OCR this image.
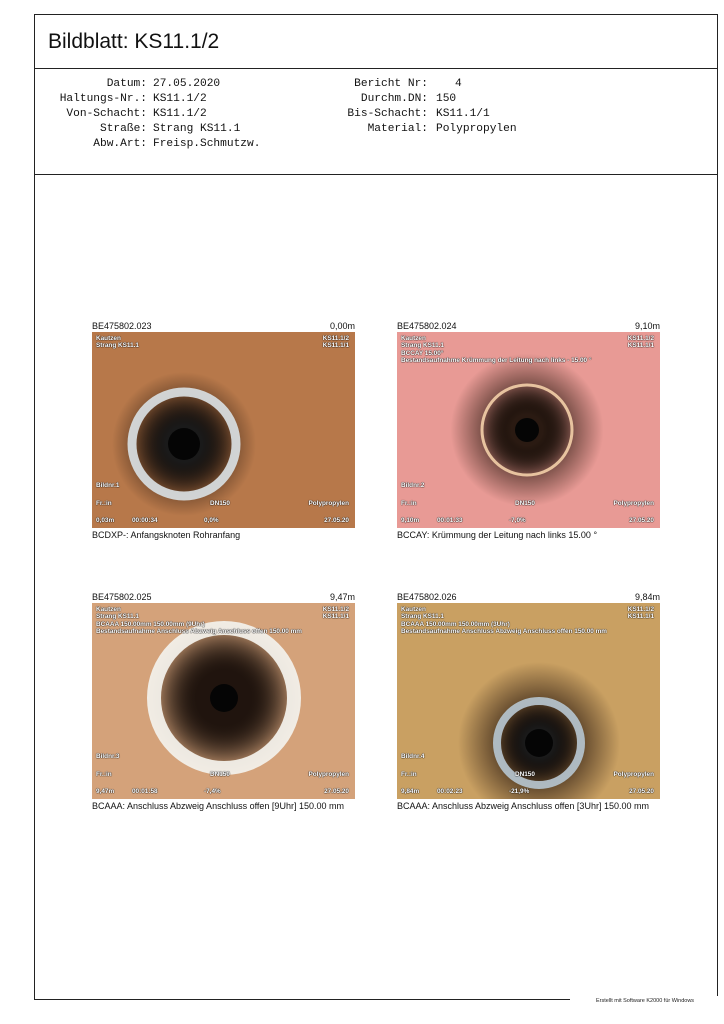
Bildblatt: KS11.1/2
Datum: 27.05.2020
Haltungs-Nr.: KS11.1/2
Von-Schacht: KS11.1/2
Straße: Strang KS11.1
Abw.Art: Freisp.Schmutzw.
Bericht Nr: 4
Durchm.DN: 150
Bis-Schacht: KS11.1/1
Material: Polypropylen
BE475802.023	0,00m
Kautzen
Strang KS11.1
KS11.1/2
KS11.1/1
Bildnr.1
Fr.:in	DN150	Polypropylen
0,03m	00:00:34	0,0%	27.05.20
BCDXP-: Anfangsknoten Rohranfang
BE475802.024	9,10m
Kautzen
Strang KS11.1
BCCAY 15.00°
KS11.1/2
KS11.1/1
Bestandsaufnahme Krümmung der Leitung nach links - 15.00 °
Bildnr.2
Fr.:in	DN150	Polypropylen
9,10m	00:01:33	-7,0%	27.05.20
BCCAY: Krümmung der Leitung nach links 15.00 °
BE475802.025	9,47m
Kautzen
Strang KS11.1
BCAAA 150.00mm 150.00mm (9Uhr)
KS11.1/2
KS11.1/1
Bestandsaufnahme Anschluss Abzweig Anschluss offen 150.00 mm
Bildnr.3
Fr.:in	DN150	Polypropylen
9,47m	00:01:58	-7,4%	27.05.20
BCAAA: Anschluss Abzweig Anschluss offen [9Uhr] 150.00 mm
BE475802.026	9,84m
Kautzen
Strang KS11.1
BCAAA 150.00mm 150.00mm (3Uhr)
KS11.1/2
KS11.1/1
Bestandsaufnahme Anschluss Abzweig Anschluss offen 150.00 mm
Bildnr.4
Fr.:in	DN150	Polypropylen
9,84m	00:02:23	-21,9%	27.05.20
BCAAA: Anschluss Abzweig Anschluss offen [3Uhr] 150.00 mm
Erstellt mit Software K2000 für Windows
